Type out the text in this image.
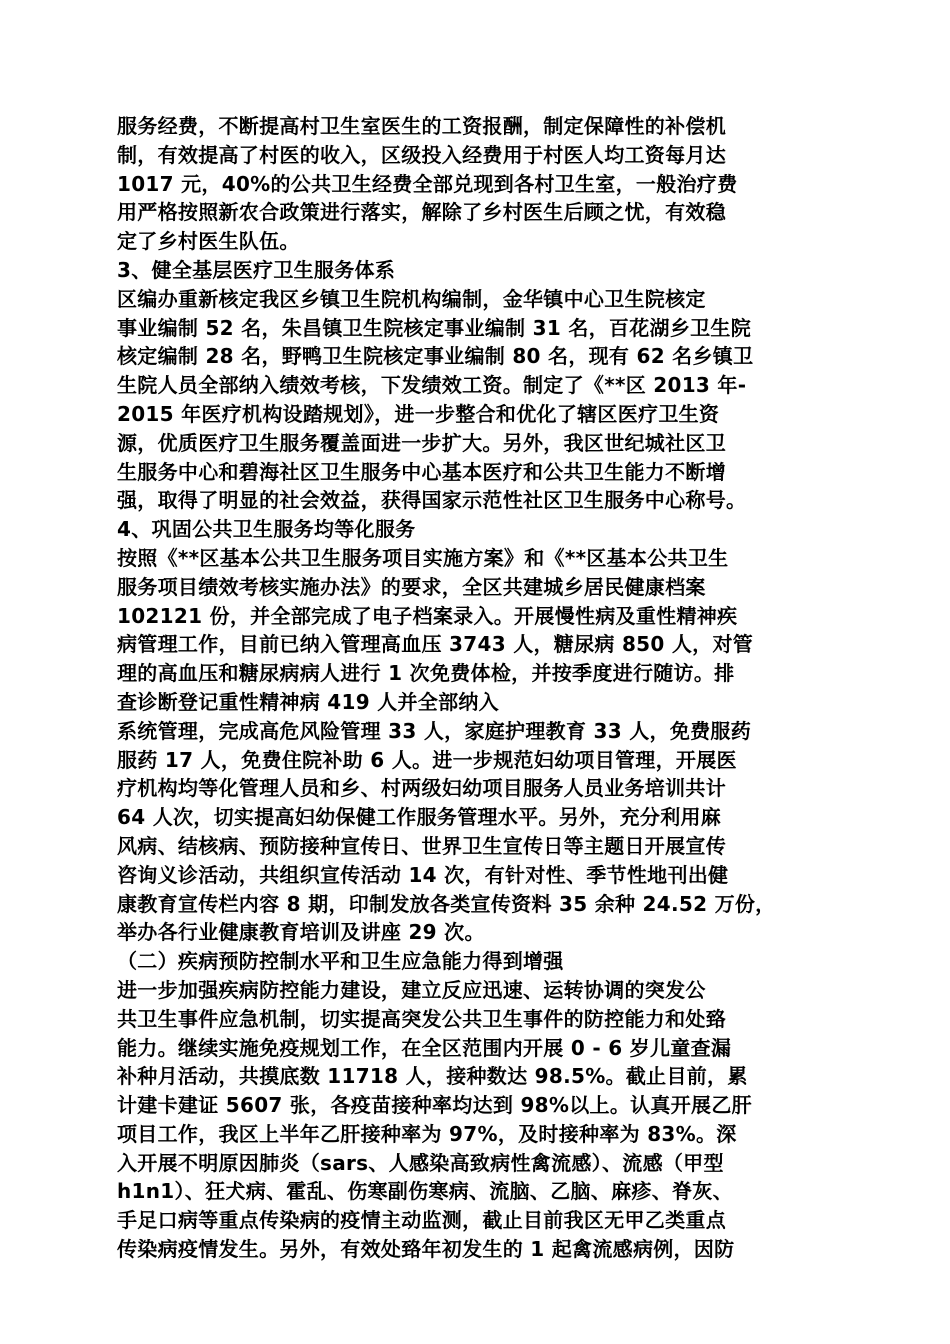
服务经费，不断提高村卫生室医生的工资报酬，制定保障性的补偿机
制，有效提高了村医的收入，区级投入经费用于村医人均工资每月达
1017 元，40%的公共卫生经费全部兑现到各村卫生室，一般治疗费
用严格按照新农合政策进行落实，解除了乡村医生后顾之忧，有效稳
定了乡村医生队伍。
3、健全基层医疗卫生服务体系
区编办重新核定我区乡镇卫生院机构编制，金华镇中心卫生院核定
事业编制 52 名，朱昌镇卫生院核定事业编制 31 名，百花湖乡卫生院
核定编制 28 名，野鸭卫生院核定事业编制 80 名，现有 62 名乡镇卫
生院人员全部纳入绩效考核，下发绩效工资。制定了《**区 2013 年-
2015 年医疗机构设踏规划》，进一步整合和优化了辖区医疗卫生资
源，优质医疗卫生服务覆盖面进一步扩大。另外，我区世纪城社区卫
生服务中心和碧海社区卫生服务中心基本医疗和公共卫生能力不断增
强，取得了明显的社会效益，获得国家示范性社区卫生服务中心称号。
4、巩固公共卫生服务均等化服务
按照《**区基本公共卫生服务项目实施方案》和《**区基本公共卫生
服务项目绩效考核实施办法》的要求，全区共建城乡居民健康档案
102121 份，并全部完成了电子档案录入。开展慢性病及重性精神疾
病管理工作，目前已纳入管理高血压 3743 人，糖尿病 850 人，对管
理的高血压和糖尿病病人进行 1 次免费体检，并按季度进行随访。排
查诊断登记重性精神病 419 人并全部纳入
系统管理，完成高危风险管理 33 人，家庭护理教育 33 人，免费服药
服药 17 人，免费住院补助 6 人。进一步规范妇幼项目管理，开展医
疗机构均等化管理人员和乡、村两级妇幼项目服务人员业务培训共计
64 人次，切实提高妇幼保健工作服务管理水平。另外，充分利用麻
风病、结核病、预防接种宣传日、世界卫生宣传日等主题日开展宣传
咨询义诊活动，共组织宣传活动 14 次，有针对性、季节性地刊出健
康教育宣传栏内容 8 期，印制发放各类宣传资料 35 余种 24.52 万份，
举办各行业健康教育培训及讲座 29 次。
（二）疾病预防控制水平和卫生应急能力得到增强
进一步加强疾病防控能力建设，建立反应迅速、运转协调的突发公
共卫生事件应急机制，切实提高突发公共卫生事件的防控能力和处臵
能力。继续实施免疫规划工作，在全区范围内开展 0 - 6 岁儿童查漏
补种月活动，共摸底数 11718 人，接种数达 98.5%。截止目前，累
计建卡建证 5607 张，各疫苗接种率均达到 98%以上。认真开展乙肝
项目工作，我区上半年乙肝接种率为 97%，及时接种率为 83%。深
入开展不明原因肺炎（sars、人感染高致病性禽流感）、流感（甲型
h1n1）、狂犬病、霍乱、伤寒副伤寒病、流脑、乙脑、麻疹、脊灰、
手足口病等重点传染病的疫情主动监测，截止目前我区无甲乙类重点
传染病疫情发生。另外，有效处臵年初发生的 1 起禽流感病例，因防
